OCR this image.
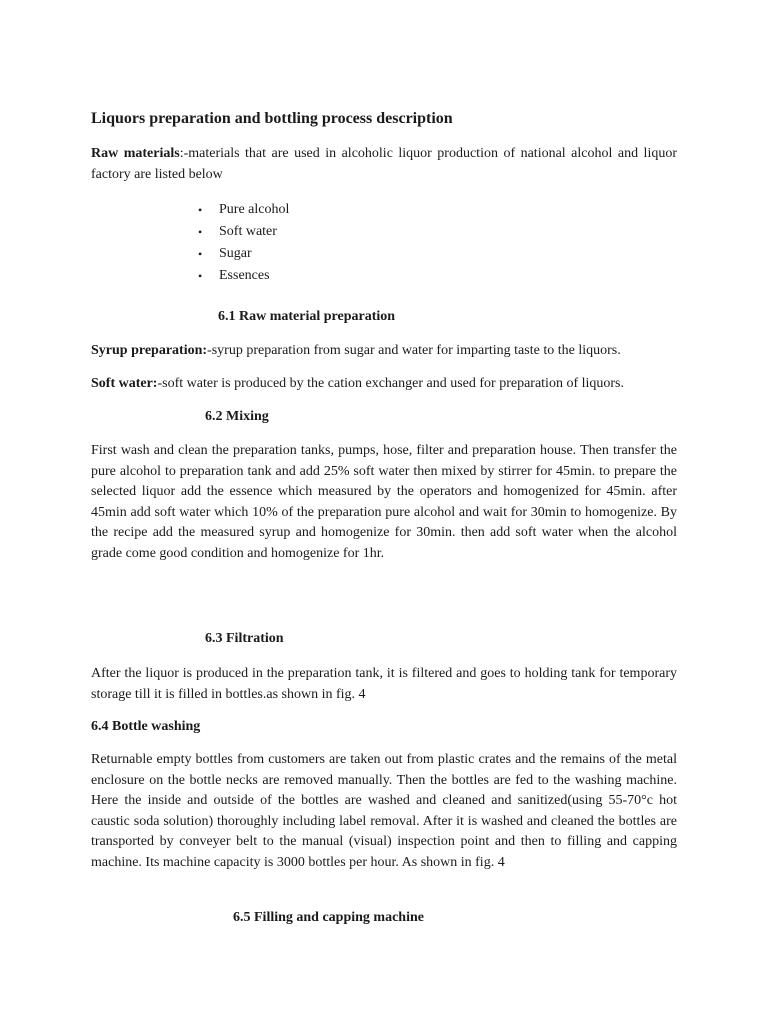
Liquors preparation and bottling process description

Raw materials:-materials that are used in alcoholic liquor production of national alcohol and liquor factory are listed below

• Pure alcohol
• Soft water
• Sugar
• Essences
6.1 Raw material preparation

Syrup preparation:-syrup preparation from sugar and water for imparting taste to the liquors.

Soft water:-soft water is produced by the cation exchanger and used for preparation of liquors.

6.2 Mixing

First wash and clean the preparation tanks, pumps, hose, filter and preparation house. Then transfer the pure alcohol to preparation tank and add 25% soft water then mixed by stirrer for 45min. to prepare the selected liquor add the essence which measured by the operators and homogenized for 45min. after 45min add soft water which 10% of the preparation pure alcohol and wait for 30min to homogenize. By the recipe add the measured syrup and homogenize for 30min. then add soft water when the alcohol grade come good condition and homogenize for 1hr.

6.3 Filtration

After the liquor is produced in the preparation tank, it is filtered and goes to holding tank for temporary storage till it is filled in bottles.as shown in fig. 4

6.4 Bottle washing

Returnable empty bottles from customers are taken out from plastic crates and the remains of the metal enclosure on the bottle necks are removed manually. Then the bottles are fed to the washing machine. Here the inside and outside of the bottles are washed and cleaned and sanitized(using 55-70°c hot caustic soda solution) thoroughly including label removal. After it is washed and cleaned the bottles are transported by conveyer belt to the manual (visual) inspection point and then to filling and capping machine. Its machine capacity is 3000 bottles per hour. As shown in fig. 4

6.5 Filling and capping machine
